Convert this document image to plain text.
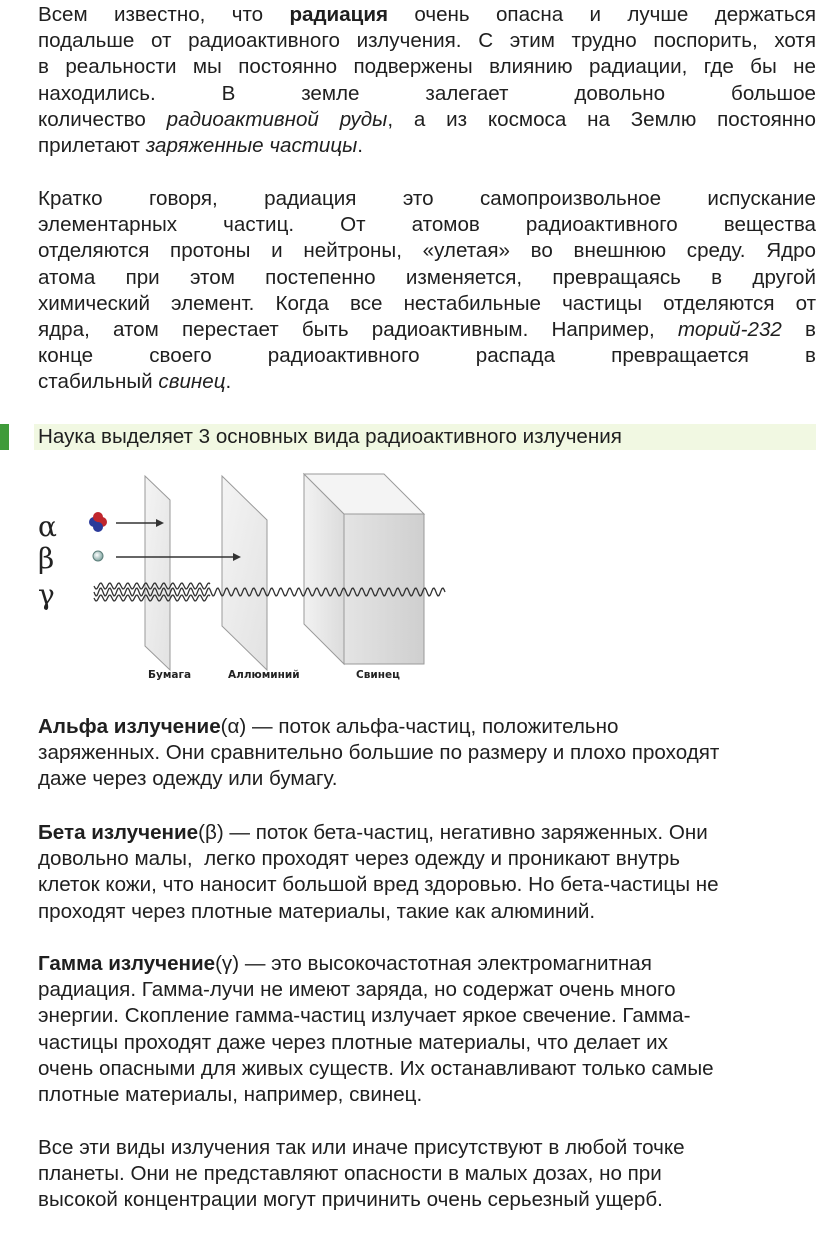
Всем известно, что радиация очень опасна и лучше держаться
подальше от радиоактивного излучения. С этим трудно поспорить, хотя
в реальности мы постоянно подвержены влиянию радиации, где бы не
находились. В земле залегает довольно большое
количество радиоактивной руды, а из космоса на Землю постоянно
прилетают заряженные частицы.
Кратко говоря, радиация это самопроизвольное испускание
элементарных частиц. От атомов радиоактивного вещества
отделяются протоны и нейтроны, «улетая» во внешнюю среду. Ядро
атома при этом постепенно изменяется, превращаясь в другой
химический элемент. Когда все нестабильные частицы отделяются от
ядра, атом перестает быть радиоактивным. Например, торий-232 в
конце своего радиоактивного распада превращается в
стабильный свинец.
Наука выделяет 3 основных вида радиоактивного излучения
α
β
γ
Бумага	Аллюминий	Свинец
Альфа излучение(α) — поток альфа-частиц, положительно
заряженных. Они сравнительно большие по размеру и плохо проходят
даже через одежду или бумагу.
Бета излучение(β) — поток бета-частиц, негативно заряженных. Они
довольно малы,  легко проходят через одежду и проникают внутрь
клеток кожи, что наносит большой вред здоровью. Но бета-частицы не
проходят через плотные материалы, такие как алюминий.
Гамма излучение(γ) — это высокочастотная электромагнитная
радиация. Гамма-лучи не имеют заряда, но содержат очень много
энергии. Скопление гамма-частиц излучает яркое свечение. Гамма-
частицы проходят даже через плотные материалы, что делает их
очень опасными для живых существ. Их останавливают только самые
плотные материалы, например, свинец.
Все эти виды излучения так или иначе присутствуют в любой точке
планеты. Они не представляют опасности в малых дозах, но при
высокой концентрации могут причинить очень серьезный ущерб.
